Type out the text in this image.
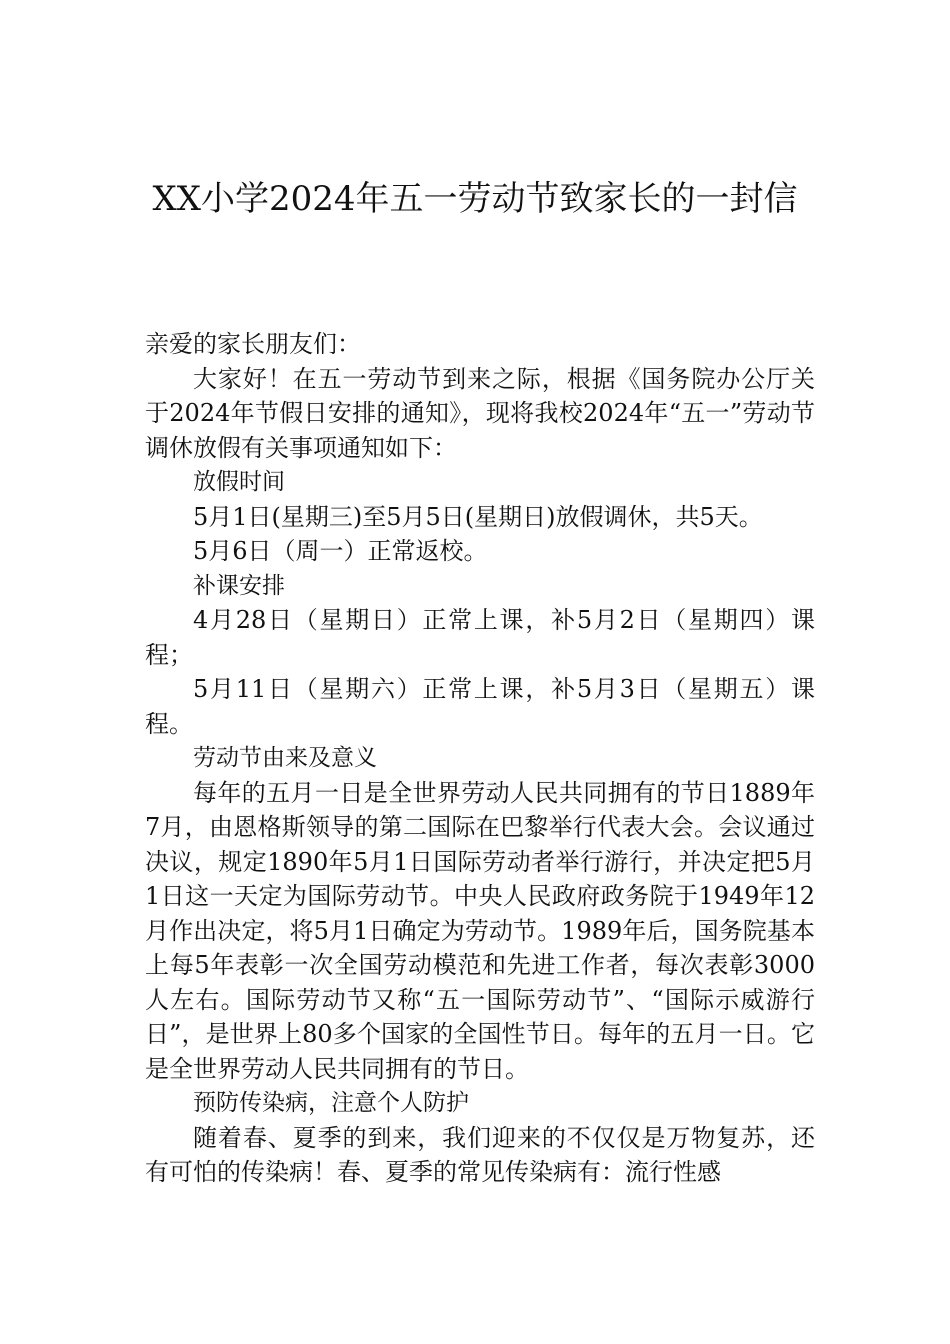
XX小学2024年五一劳动节致家长的一封信

亲爱的家长朋友们：

大家好！在五一劳动节到来之际，根据《国务院办公厅关于2024年节假日安排的通知》，现将我校2024年“五一”劳动节调休放假有关事项通知如下：

放假时间

5月1日(星期三)至5月5日(星期日)放假调休，共5天。

5月6日（周一）正常返校。

补课安排

4月28日（星期日）正常上课，补5月2日（星期四）课程；

5月11日（星期六）正常上课，补5月3日（星期五）课程。

劳动节由来及意义

每年的五月一日是全世界劳动人民共同拥有的节日1889年7月，由恩格斯领导的第二国际在巴黎举行代表大会。会议通过决议，规定1890年5月1日国际劳动者举行游行，并决定把5月1日这一天定为国际劳动节。中央人民政府政务院于1949年12月作出决定，将5月1日确定为劳动节。1989年后，国务院基本上每5年表彰一次全国劳动模范和先进工作者，每次表彰3000人左右。国际劳动节又称“五一国际劳动节”、“国际示威游行日”，是世界上80多个国家的全国性节日。每年的五月一日。它是全世界劳动人民共同拥有的节日。

预防传染病，注意个人防护

随着春、夏季的到来，我们迎来的不仅仅是万物复苏，还有可怕的传染病！春、夏季的常见传染病有：流行性感
